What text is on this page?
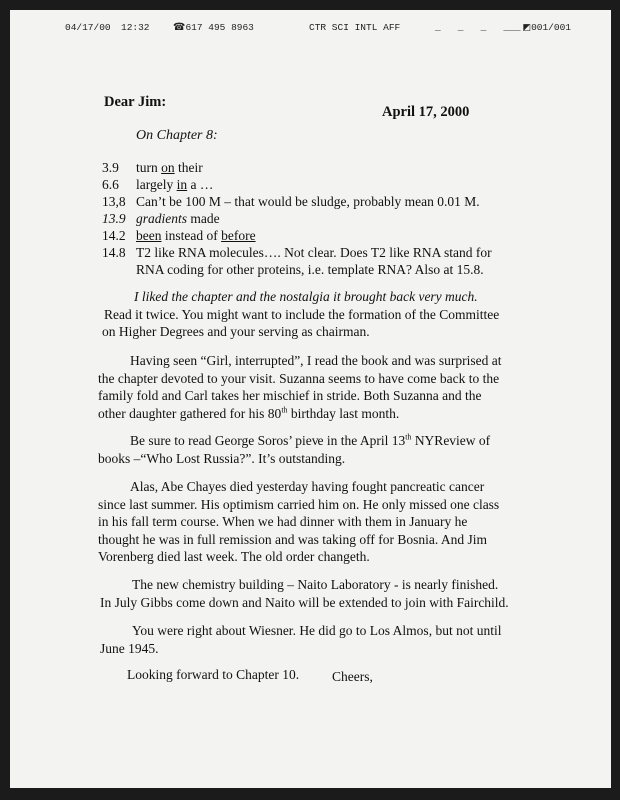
04/17/00 12:32 ☎617 495 8963	CTR SCI INTL AFF	_   _   _   ___ ◩001/001
Dear Jim:
April 17, 2000
On Chapter 8:
3.9 turn on their
6.6 largely in a …
13,8 Can’t be 100 M – that would be sludge, probably mean 0.01 M.
13.9 gradients made
14.2 been instead of before
14.8 T2 like RNA molecules…. Not clear. Does T2 like RNA stand for
RNA coding for other proteins, i.e. template RNA? Also at 15.8.
I liked the chapter and the nostalgia it brought back very much.
Read it twice. You might want to include the formation of the Committee
on Higher Degrees and your serving as chairman.
Having seen “Girl, interrupted”, I read the book and was surprised at
the chapter devoted to your visit. Suzanna seems to have come back to the
family fold and Carl takes her mischief in stride. Both Suzanna and the
other daughter gathered for his 80th birthday last month.
Be sure to read George Soros’ pieve in the April 13th NYReview of
books –“Who Lost Russia?”. It’s outstanding.
Alas, Abe Chayes died yesterday having fought pancreatic cancer
since last summer. His optimism carried him on. He only missed one class
in his fall term course. When we had dinner with them in January he
thought he was in full remission and was taking off for Bosnia. And Jim
Vorenberg died last week. The old order changeth.
The new chemistry building – Naito Laboratory - is nearly finished.
In July Gibbs come down and Naito will be extended to join with Fairchild.
You were right about Wiesner. He did go to Los Almos, but not until
June 1945.
Looking forward to Chapter 10. Cheers,
